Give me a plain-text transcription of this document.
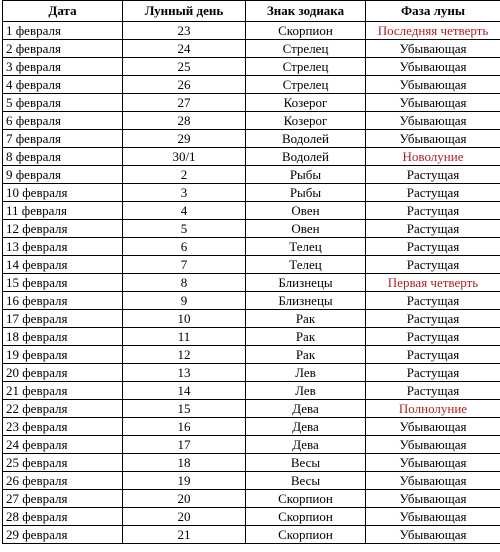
Дата	Лунный день	Знак зодиака	Фаза луны
1 февраля	23	Скорпион	Последняя четверть
2 февраля	24	Стрелец	Убывающая
3 февраля	25	Стрелец	Убывающая
4 февраля	26	Стрелец	Убывающая
5 февраля	27	Козерог	Убывающая
6 февраля	28	Козерог	Убывающая
7 февраля	29	Водолей	Убывающая
8 февраля	30/1	Водолей	Новолуние
9 февраля	2	Рыбы	Растущая
10 февраля	3	Рыбы	Растущая
11 февраля	4	Овен	Растущая
12 февраля	5	Овен	Растущая
13 февраля	6	Телец	Растущая
14 февраля	7	Телец	Растущая
15 февраля	8	Близнецы	Первая четверть
16 февраля	9	Близнецы	Растущая
17 февраля	10	Рак	Растущая
18 февраля	11	Рак	Растущая
19 февраля	12	Рак	Растущая
20 февраля	13	Лев	Растущая
21 февраля	14	Лев	Растущая
22 февраля	15	Дева	Полнолуние
23 февраля	16	Дева	Убывающая
24 февраля	17	Дева	Убывающая
25 февраля	18	Весы	Убывающая
26 февраля	19	Весы	Убывающая
27 февраля	20	Скорпион	Убывающая
28 февраля	20	Скорпион	Убывающая
29 февраля	21	Скорпион	Убывающая
